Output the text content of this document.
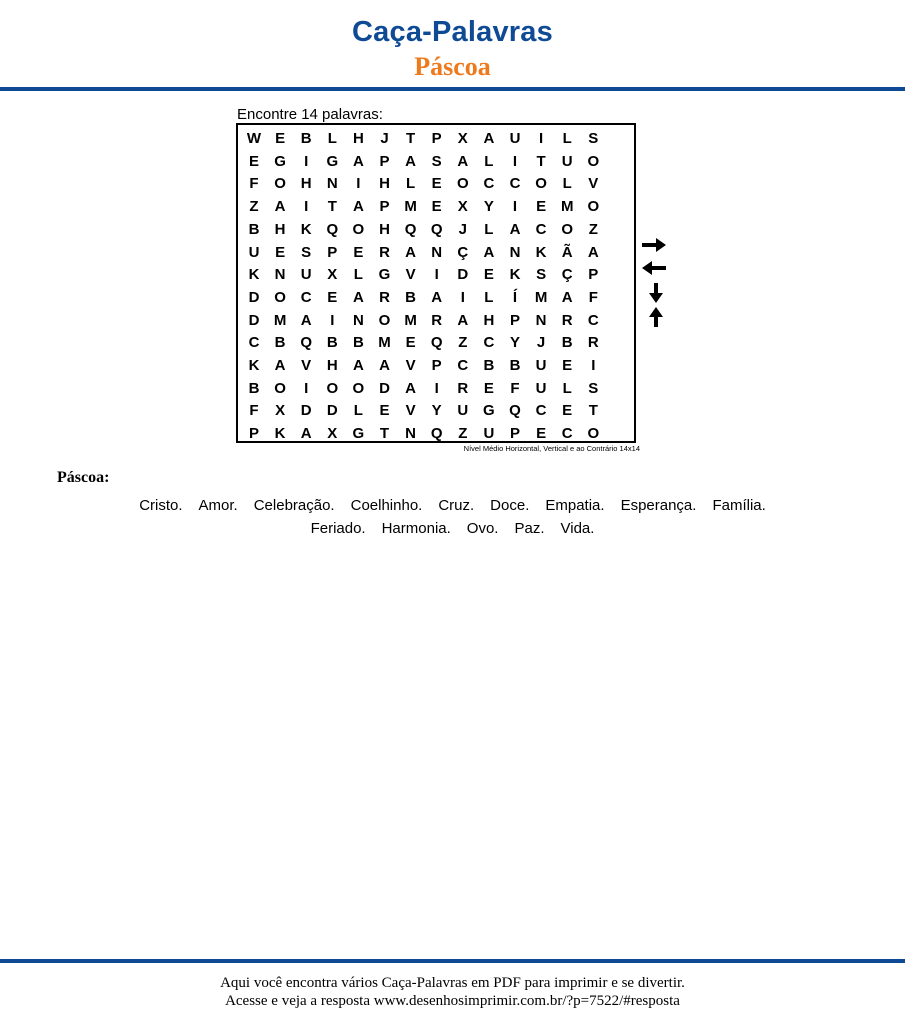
Caça-Palavras
Páscoa
Encontre 14 palavras:
W E	B	L	H	J	T	P	X	A	U	I	L	S
E	G	I	G A	P	A	S	A	L	I	T	U O
F	O H	N	I	H	L	E	O C	C O	L	V
Z	A	I	T	A	P M E	X	Y	I	E M O
B	H	K Q O H Q Q	J	L	A	C O	Z
U	E	S	P	E	R	A	N	Ç	A	N	K	Ã	A
K	N	U	X	L	G	V	I	D	E	K	S	Ç	P
D O C	E	A	R	B	A	I	L	Í	M A	F
D M A	I	N O M R	A	H	P	N	R	C
C	B Q B	B M E	Q	Z	C	Y	J	B	R
K	A	V	H	A	A	V	P	C	B	B	U	E	I
B O	I	O O D	A	I	R	E	F	U	L	S
F	X	D	D	L	E	V	Y	U G Q C	E	T
P	K	A	X	G	T	N Q	Z	U	P	E	C O
Nível Médio Horizontal, Vertical e ao Contrário 14x14
Páscoa:
Cristo. Amor. Celebração. Coelhinho. Cruz. Doce. Empatia. Esperança. Família.
Feriado. Harmonia. Ovo. Paz. Vida.
Aqui você encontra vários Caça-Palavras em PDF para imprimir e se divertir.
Acesse e veja a resposta www.desenhosimprimir.com.br/?p=7522/#resposta
